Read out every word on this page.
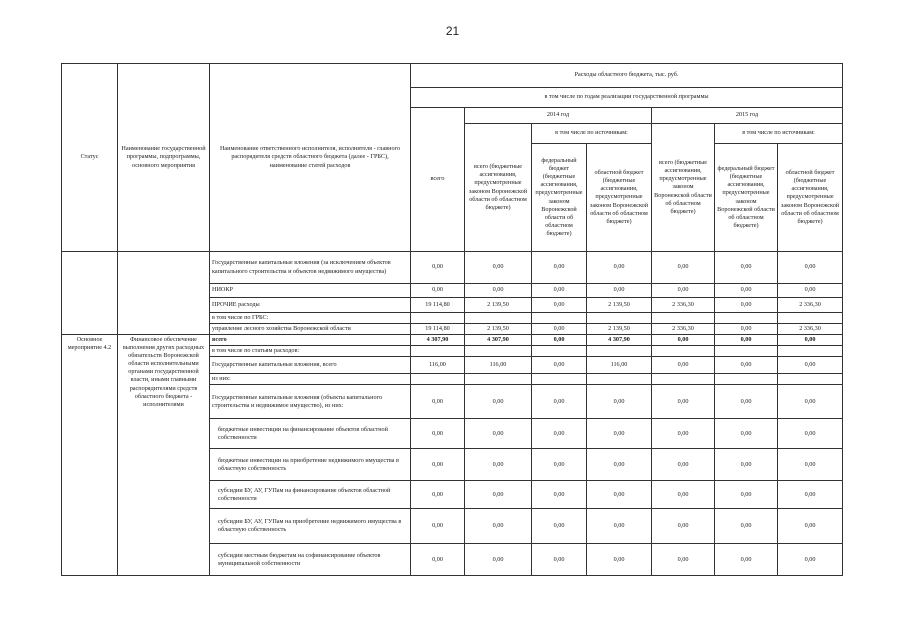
21
Статус	Наименование государственной программы, подпрограммы, основного мероприятия	Наименование ответственного исполнителя, исполнителя - главного распорядителя средств областного бюджета (далее - ГРБС), наименование статей расходов	Расходы областного бюджета, тыс. руб.						
			в том числе по годам реализации государственной программы						
			всего	2014 год			2015 год		
				всего (бюджетные ассигнования, предусмотренные законом Воронежской области об областном бюджете)	в том числе по источникам:		всего (бюджетные ассигнования, предусмотренные законом Воронежской области об областном бюджете)	в том числе по источникам:	
					федеральный бюджет (бюджетные ассигнования, предусмотренные законом Воронежской области об областном бюджете)	областной бюджет (бюджетные ассигнования, предусмотренные законом Воронежской области об областном бюджете)		федеральный бюджет (бюджетные ассигнования, предусмотренные законом Воронежской области об областном бюджете)	областной бюджет (бюджетные ассигнования, предусмотренные законом Воронежской области об областном бюджете)
		Государственные капитальные вложения (за исключением объектов капитального строительства и объектов недвижимого имущества)	0,00	0,00	0,00	0,00	0,00	0,00	0,00
		НИОКР	0,00	0,00	0,00	0,00	0,00	0,00	0,00
		ПРОЧИЕ расходы	19 114,80	2 139,50	0,00	2 139,50	2 336,30	0,00	2 336,30
		в том числе по ГРБС:							
		управление лесного хозяйства Воронежской области	19 114,80	2 139,50	0,00	2 139,50	2 336,30	0,00	2 336,30
Основное мероприятие 4.2	Финансовое обеспечение выполнения других расходных обязательств Воронежской области исполнительными органами государственной власти, иными главными распорядителями средств областного бюджета - исполнителями	всего	4 307,90	4 307,90	0,00	4 307,90	0,00	0,00	0,00
		в том числе по статьям расходов:							
		Государственные капитальные вложения, всего	116,00	116,00	0,00	116,00	0,00	0,00	0,00
		из них:							
		Государственные капитальные вложения (объекты капитального строительства и недвижимое имущество), из них:	0,00	0,00	0,00	0,00	0,00	0,00	0,00
		бюджетные инвестиции на финансирование объектов областной собственности	0,00	0,00	0,00	0,00	0,00	0,00	0,00
		бюджетные инвестиции на приобретение недвижимого имущества в областную собственность	0,00	0,00	0,00	0,00	0,00	0,00	0,00
		субсидии БУ, АУ, ГУПам на финансирование объектов областной собственности	0,00	0,00	0,00	0,00	0,00	0,00	0,00
		субсидии БУ, АУ, ГУПам на приобретение недвижимого имущества в областную собственность	0,00	0,00	0,00	0,00	0,00	0,00	0,00
		субсидии местным бюджетам на софинансирование объектов муниципальной собственности	0,00	0,00	0,00	0,00	0,00	0,00	0,00
